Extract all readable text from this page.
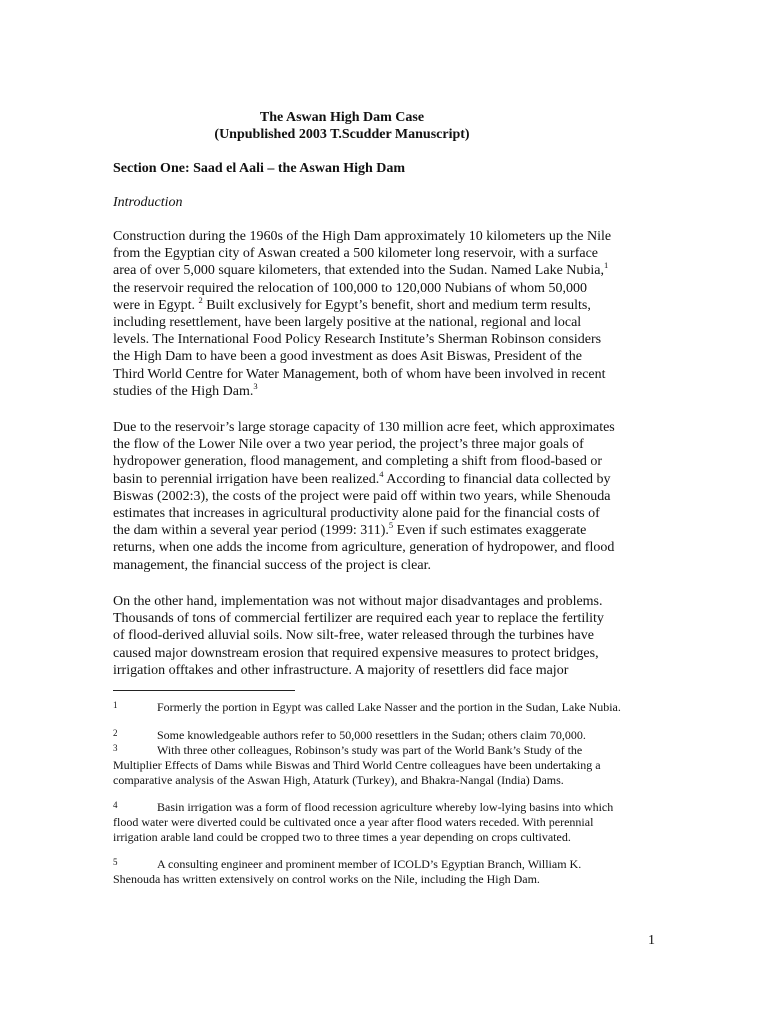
The Aswan High Dam Case
(Unpublished 2003 T.Scudder Manuscript)
Section One: Saad el Aali – the Aswan High Dam
Introduction
Construction during the 1960s of the High Dam approximately 10 kilometers up the Nile
from the Egyptian city of Aswan created a 500 kilometer long reservoir, with a surface
area of over 5,000 square kilometers, that extended into the Sudan. Named Lake Nubia,$^1$
the reservoir required the relocation of 100,000 to 120,000 Nubians of whom 50,000
were in Egypt. $^2$ Built exclusively for Egypt’s benefit, short and medium term results,
including resettlement, have been largely positive at the national, regional and local
levels. The International Food Policy Research Institute’s Sherman Robinson considers
the High Dam to have been a good investment as does Asit Biswas, President of the
Third World Centre for Water Management, both of whom have been involved in recent
studies of the High Dam.$^3$
Due to the reservoir’s large storage capacity of 130 million acre feet, which approximates
the flow of the Lower Nile over a two year period, the project’s three major goals of
hydropower generation, flood management, and completing a shift from flood-based or
basin to perennial irrigation have been realized.$^4$ According to financial data collected by
Biswas (2002:3), the costs of the project were paid off within two years, while Shenouda
estimates that increases in agricultural productivity alone paid for the financial costs of
the dam within a several year period (1999: 311).$^5$ Even if such estimates exaggerate
returns, when one adds the income from agriculture, generation of hydropower, and flood
management, the financial success of the project is clear.
On the other hand, implementation was not without major disadvantages and problems.
Thousands of tons of commercial fertilizer are required each year to replace the fertility
of flood-derived alluvial soils. Now silt-free, water released through the turbines have
caused major downstream erosion that required expensive measures to protect bridges,
irrigation offtakes and other infrastructure. A majority of resettlers did face major
1	Formerly the portion in Egypt was called Lake Nasser and the portion in the Sudan, Lake Nubia.
2	Some knowledgeable authors refer to 50,000 resettlers in the Sudan; others claim 70,000.
3	With three other colleagues, Robinson’s study was part of the World Bank’s Study of the
Multiplier Effects of Dams while Biswas and Third World Centre colleagues have been undertaking a
comparative analysis of the Aswan High, Ataturk (Turkey), and Bhakra-Nangal (India) Dams.
4	Basin irrigation was a form of flood recession agriculture whereby low-lying basins into which
flood water were diverted could be cultivated once a year after flood waters receded. With perennial
irrigation arable land could be cropped two to three times a year depending on crops cultivated.
5	A consulting engineer and prominent member of ICOLD’s Egyptian Branch, William K.
Shenouda has written extensively on control works on the Nile, including the High Dam.
1
